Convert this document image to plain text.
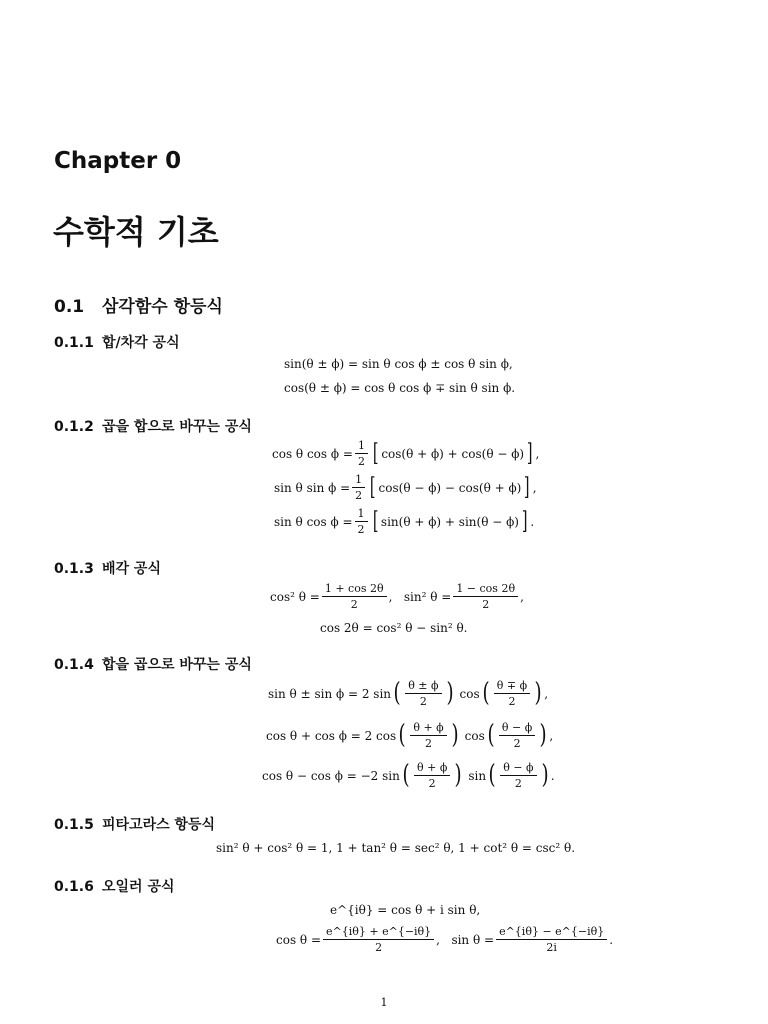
Chapter 0
수학적 기초
0.1 삼각함수 항등식
0.1.1 합/차각 공식
sin(θ ± ϕ) = sin θ cos ϕ ± cos θ sin ϕ,
cos(θ ± ϕ) = cos θ cos ϕ ∓ sin θ sin ϕ.
0.1.2 곱을 합으로 바꾸는 공식
cos θ $\cos \phi = \frac{1}{2}$ [ cos(θ + ϕ) + cos(θ − ϕ) ] ,
sin θ $\sin \phi = \frac{1}{2}$ [ cos(θ − ϕ) − cos(θ + ϕ) ] ,
sin θ $\cos \phi = \frac{1}{2}$ [ sin(θ + ϕ) + sin(θ − ϕ) ] .
0.1.3 배각 공식
cos² $\theta = \frac{1 + \cos 2\theta}{2}$ , sin² $\theta = \frac{1 - \cos 2\theta}{2}$ ,
cos 2θ = cos² θ − sin² θ.
0.1.4 합을 곱으로 바꾸는 공식
sin θ ± sin ϕ = 2 sin ( $\frac{\theta \pm \phi}{2}$ )
cos ( $\frac{\theta \mp \phi}{2}$ ) ,
cos θ + cos ϕ = 2 cos ( $\frac{\theta + \phi}{2}$ )
cos ( $\frac{\theta - \phi}{2}$ ) ,
cos θ − cos ϕ = −2 sin ( $\frac{\theta + \phi}{2}$ )
sin ( $\frac{\theta - \phi}{2}$ ) .
0.1.5 피타고라스 항등식
sin² θ + cos² θ = 1, 1 + tan² θ = sec² θ, 1 + cot² θ = csc² θ.
0.1.6 오일러 공식
e^{iθ} = cos θ + i sin θ,
$\cos \theta = \frac{e\^{}\{i\theta\} + e\^{}\{-i\theta\}}{2}$ , $\sin \theta = \frac{e\^{}\{i\theta\} - e\^{}\{-i\theta\}}{2i}$ .
1
